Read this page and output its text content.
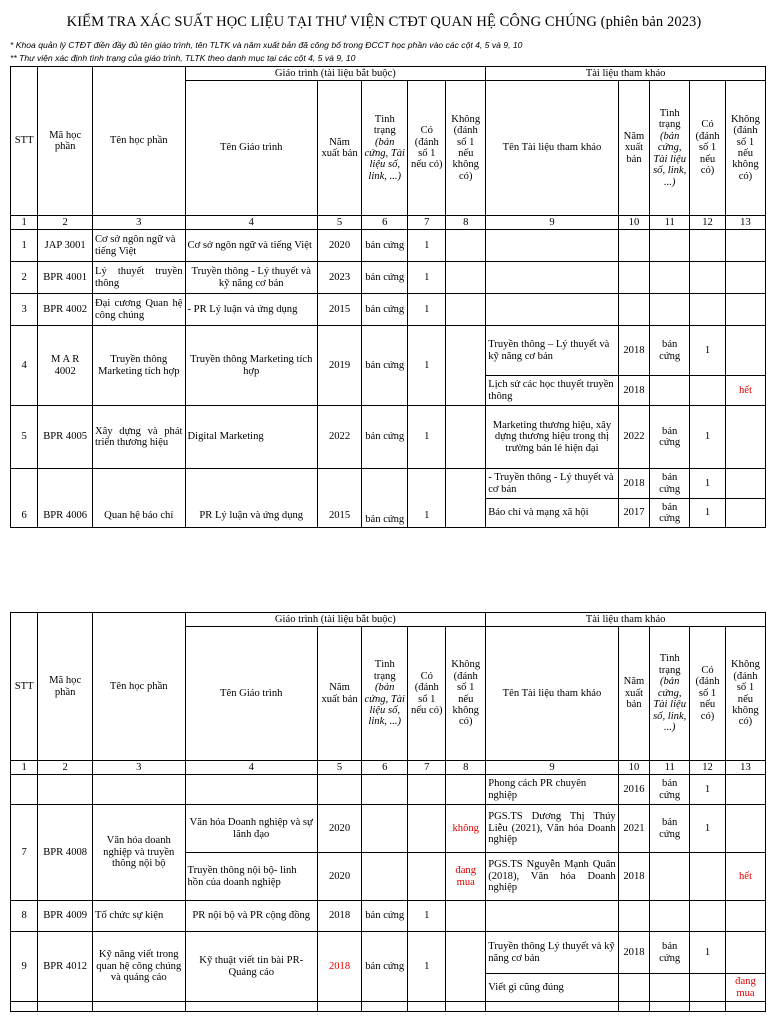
KIỂM TRA XÁC SUẤT HỌC LIỆU TẠI THƯ VIỆN CTĐT QUAN HỆ CÔNG CHÚNG (phiên bản 2023)
* Khoa quản lý CTĐT điền đầy đủ tên giáo trình, tên TLTK và năm xuất bản đã công bố trong ĐCCT học phần vào các cột 4, 5 và 9, 10
** Thư viện xác định tình trạng của giáo trình, TLTK theo danh mục tại các cột 4, 5 và 9, 10
STT	Mã học phần	Tên học phần	Giáo trình (tài liệu bắt buộc)					Tài liệu tham khảo				
			Tên Giáo trình	Năm xuất bản	Tình trạng
(bản cứng, Tài liệu số, link, ...)	Có (đánh số 1 nếu có)	Không (đánh số 1 nếu không có)	Tên Tài liệu tham khảo	Năm xuất bản	Tình trạng
(bản cứng, Tài liệu số, link, ...)	Có (đánh số 1 nếu có)	Không (đánh số 1 nếu không có)
1	2	3	4	5	6	7	8	9	10	11	12	13
1	JAP 3001	Cơ sở ngôn ngữ và tiếng Việt	Cơ sở ngôn ngữ và tiếng Việt	2020	bản cứng	1						
2	BPR 4001	Lý thuyết truyền thông	Truyền thông - Lý thuyết và kỹ năng cơ bản	2023	bản cứng	1						
3	BPR 4002	Đại cương Quan hệ công chúng	- PR Lý luận và ứng dụng	2015	bản cứng	1						
4	M A R 4002	Truyền thông Marketing tích hợp	Truyền thông Marketing tích hợp	2019	bản cứng	1		Truyền thông – Lý thuyết và kỹ năng cơ bản	2018	bản cứng	1	
								Lịch sử các học thuyết truyền thông	2018			hết
5	BPR 4005	Xây dựng và phát triển thương hiệu	Digital Marketing	2022	bản cứng	1		Marketing thương hiệu, xây dựng thương hiệu trong thị trường bán lẻ hiện đại	2022	bản cứng	1	
6	BPR 4006	Quan hệ báo chí	PR Lý luận và ứng dụng	2015	bản cứng	1		- Truyền thông - Lý thuyết và cơ bản	2018	bản cứng	1	
								Báo chí và mạng xã hội	2017	bản cứng	1	
STT	Mã học phần	Tên học phần	Giáo trình (tài liệu bắt buộc)					Tài liệu tham khảo				
			Tên Giáo trình	Năm xuất bản	Tình trạng
(bản cứng, Tài liệu số, link, ...)	Có (đánh số 1 nếu có)	Không (đánh số 1 nếu không có)	Tên Tài liệu tham khảo	Năm xuất bản	Tình trạng
(bản cứng, Tài liệu số, link, ...)	Có (đánh số 1 nếu có)	Không (đánh số 1 nếu không có)
1	2	3	4	5	6	7	8	9	10	11	12	13
								Phong cách PR chuyên nghiệp	2016	bản cứng	1	
7	BPR 4008	Văn hóa doanh nghiệp và truyền thông nội bộ	Văn hóa Doanh nghiệp và sự lãnh đạo	2020			không	PGS.TS Dương Thị Thúy Liễu (2021), Văn hóa Doanh nghiệp	2021	bản cứng	1	
			Truyền thông nội bộ- linh hồn của doanh nghiệp	2020			đang mua	PGS.TS Nguyễn Mạnh Quân (2018), Văn hóa Doanh nghiệp	2018			hết
8	BPR 4009	Tổ chức sự kiện	PR nội bộ và PR cộng đồng	2018	bản cứng	1						
9	BPR 4012	Kỹ năng viết trong quan hệ công chúng và quảng cáo	Kỹ thuật viết tin bài PR- Quảng cáo	2018	bản cứng	1		Truyền thông Lý thuyết và kỹ năng cơ bản	2018	bản cứng	1	
								Viết gì cũng đúng				đang mua
